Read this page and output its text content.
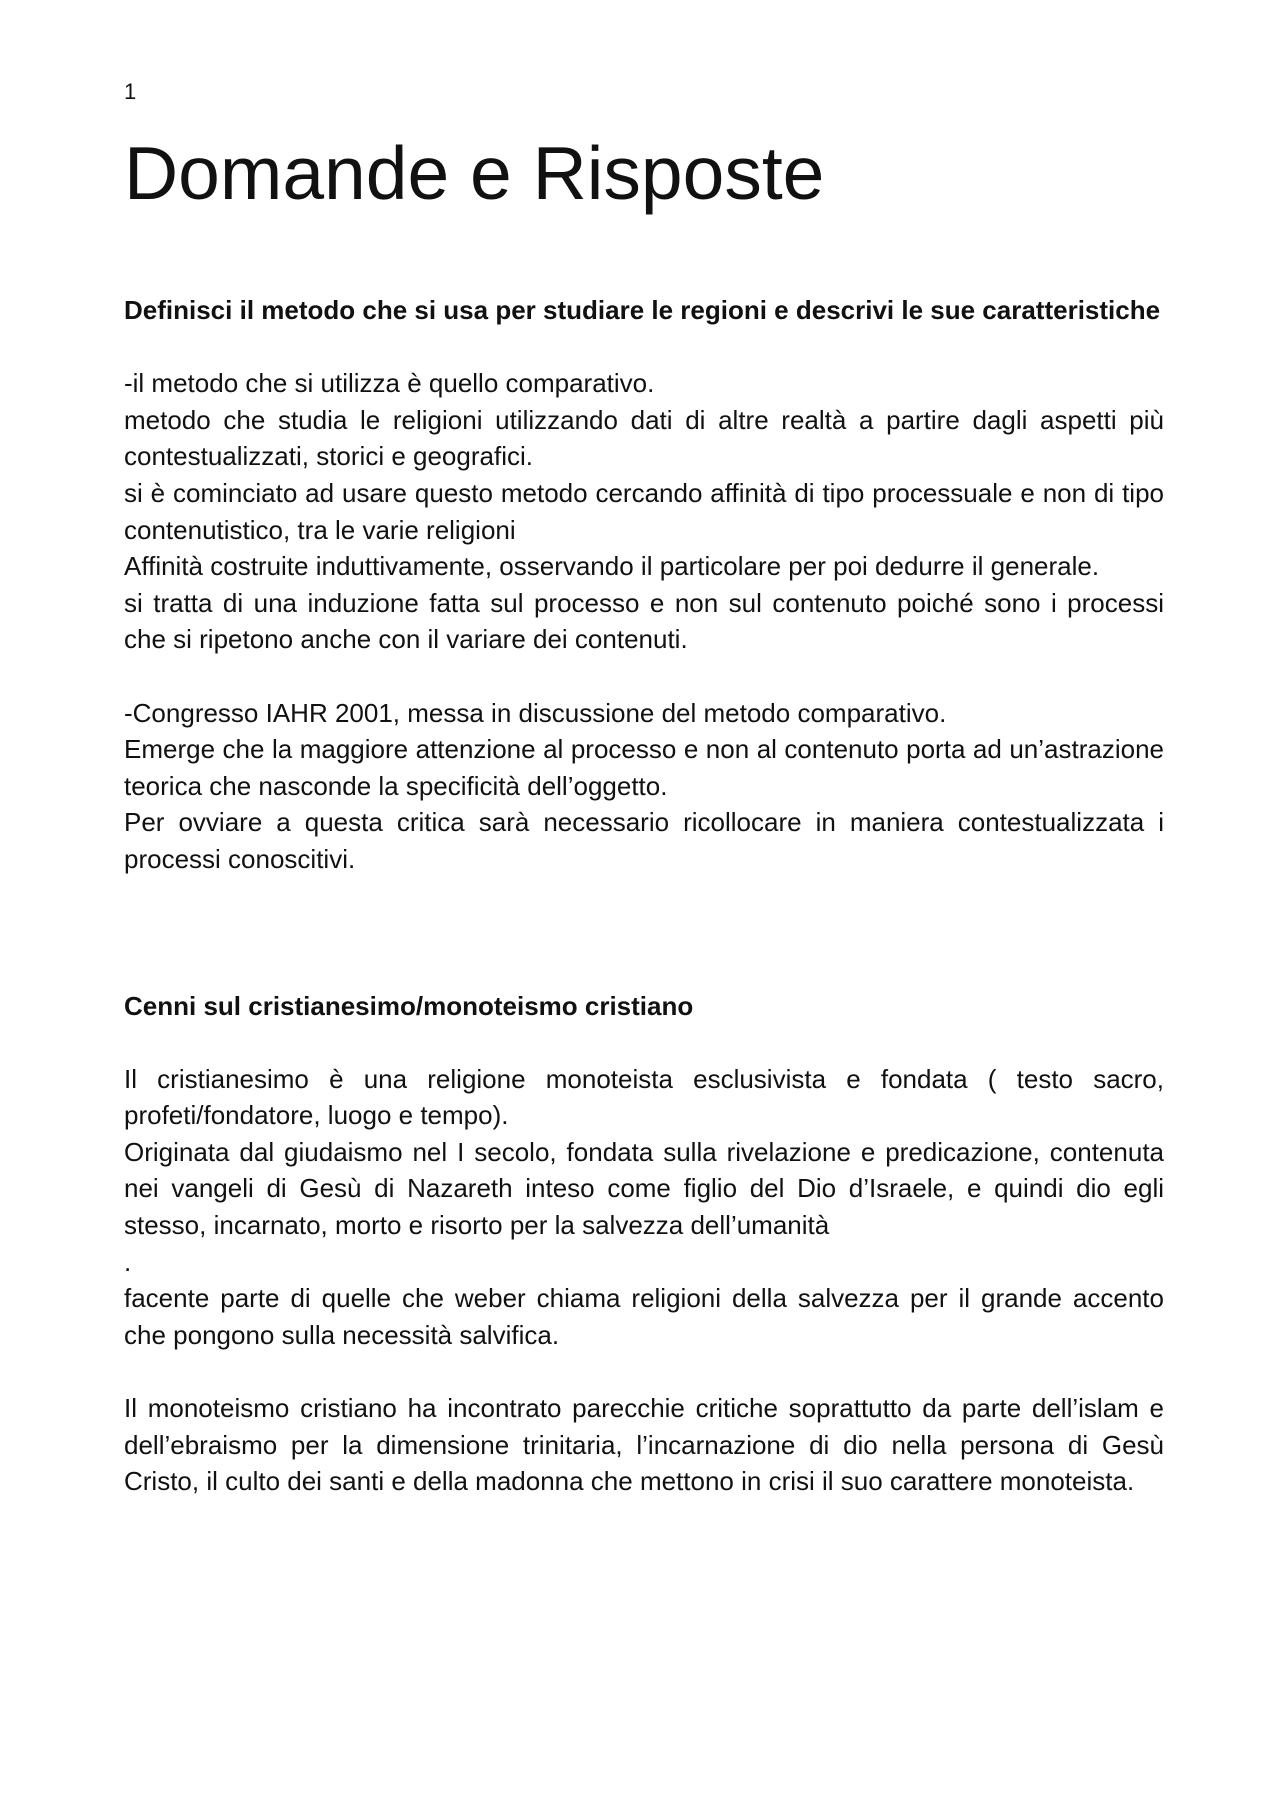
1
Domande e Risposte

Definisci il metodo che si usa per studiare le regioni e descrivi le sue caratteristiche

-il metodo che si utilizza è quello comparativo.

metodo che studia le religioni utilizzando dati di altre realtà a partire dagli aspetti più contestualizzati, storici e geografici.

si è cominciato ad usare questo metodo cercando affinità di tipo processuale e non di tipo contenutistico, tra le varie religioni

Affinità costruite induttivamente, osservando il particolare per poi dedurre il generale.

si tratta di una induzione fatta sul processo e non sul contenuto poiché sono i processi che si ripetono anche con il variare dei contenuti.

-Congresso IAHR 2001, messa in discussione del metodo comparativo.

Emerge che la maggiore attenzione al processo e non al contenuto porta ad un’astrazione teorica che nasconde la specificità dell’oggetto.

Per ovviare a questa critica sarà necessario ricollocare in maniera contestualizzata i processi conoscitivi.

Cenni sul cristianesimo/monoteismo cristiano

Il cristianesimo è una religione monoteista esclusivista e fondata ( testo sacro, profeti/fondatore, luogo e tempo).

Originata dal giudaismo nel I secolo, fondata sulla rivelazione e predicazione, contenuta nei vangeli di Gesù di Nazareth inteso come figlio del Dio d’Israele, e quindi dio egli stesso, incarnato, morto e risorto per la salvezza dell’umanità

.

facente parte di quelle che weber chiama religioni della salvezza per il grande accento che pongono sulla necessità salvifica.

Il monoteismo cristiano ha incontrato parecchie critiche soprattutto da parte dell’islam e dell’ebraismo per la dimensione trinitaria, l’incarnazione di dio nella persona di Gesù Cristo, il culto dei santi e della madonna che mettono in crisi il suo carattere monoteista.
